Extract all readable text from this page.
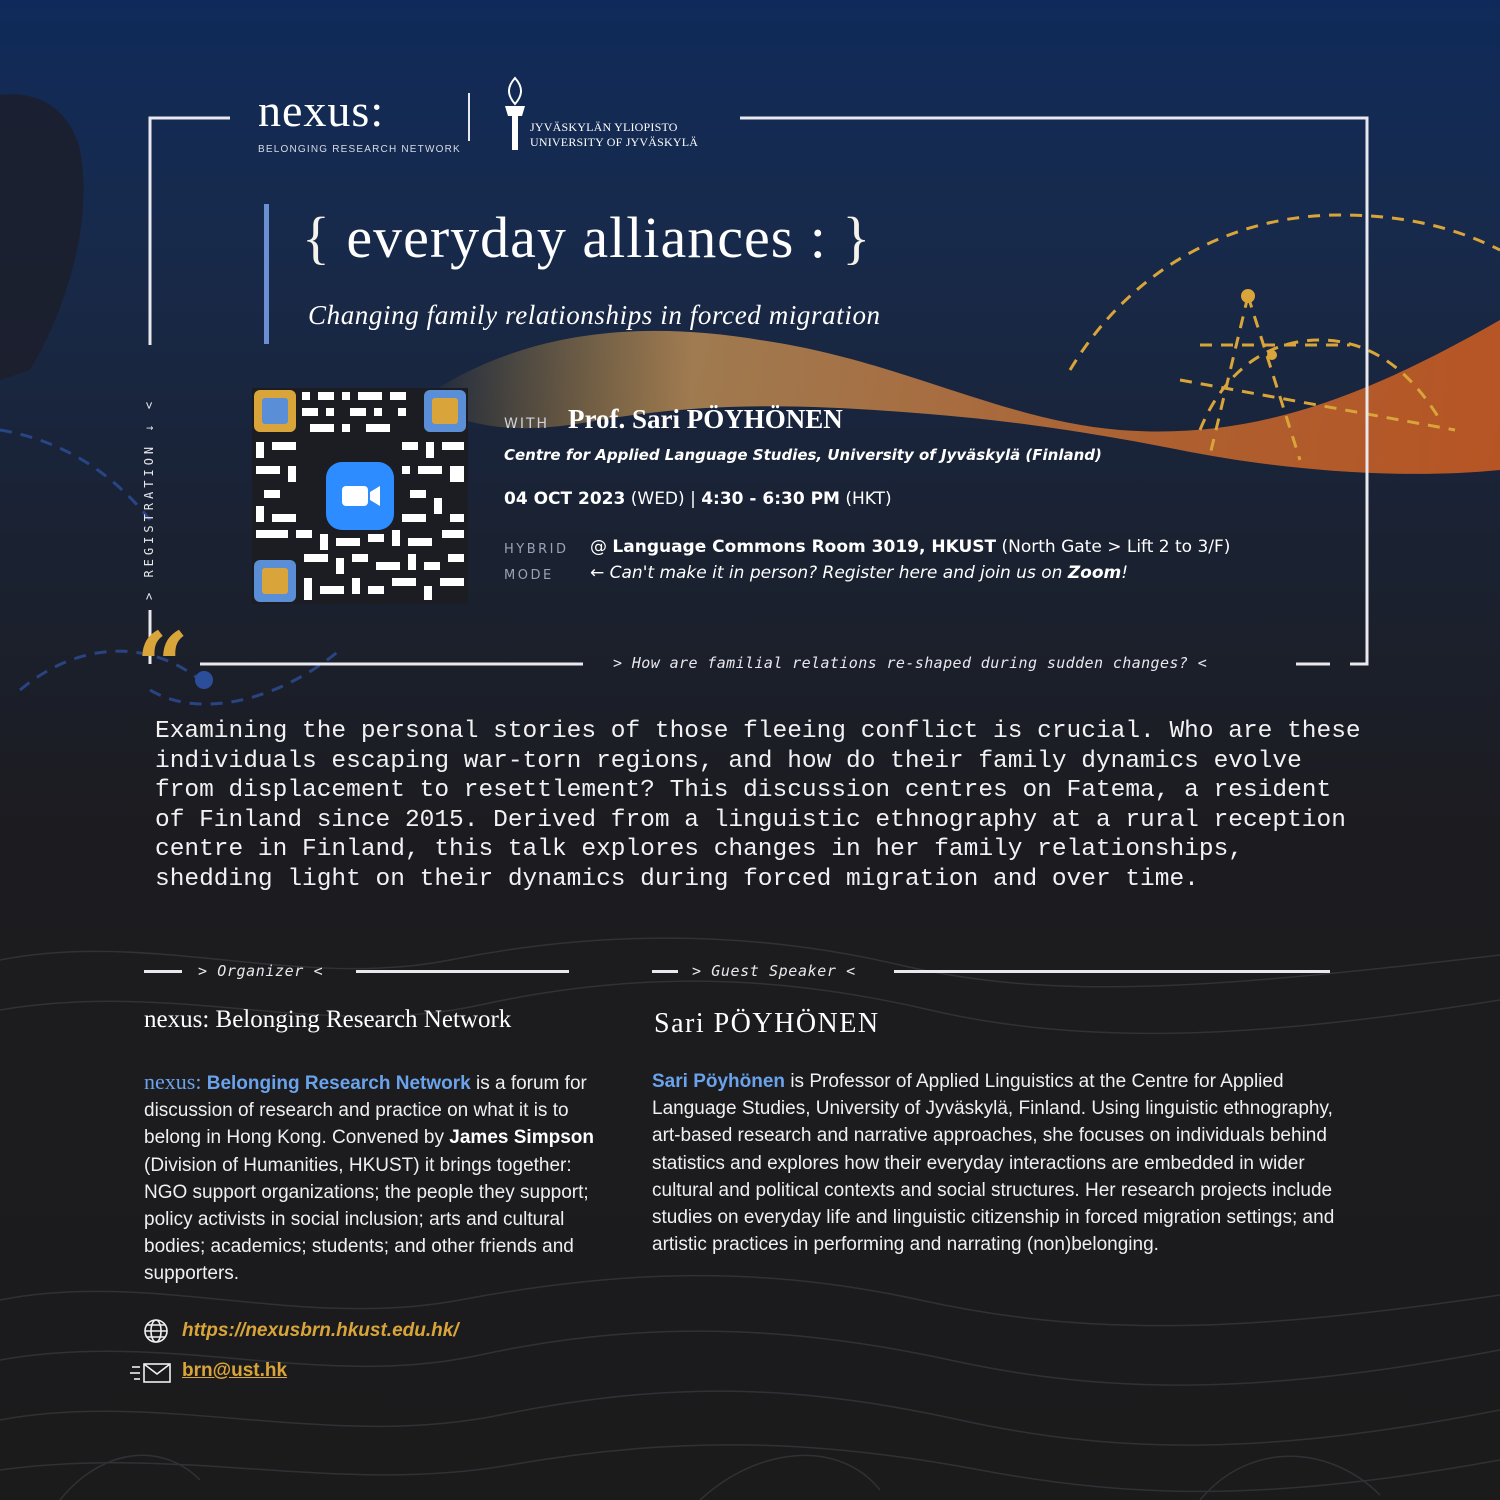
nexus:
BELONGING RESEARCH NETWORK
JYVÄSKYLÄN YLIOPISTO
UNIVERSITY OF JYVÄSKYLÄ
{ everyday alliances : }
Changing family relationships in forced migration
> REGISTRATION ↓ <	WITH Prof. Sari PÖYHÖNEN
Centre for Applied Language Studies, University of Jyväskylä (Finland)
04 OCT 2023 (WED) | 4:30 - 6:30 PM (HKT)
HYBRID
MODE
@ Language Commons Room 3019, HKUST (North Gate > Lift 2 to 3/F)
← Can't make it in person? Register here and join us on Zoom!
“	> How are familial relations re-shaped during sudden changes? <
Examining the personal stories of those fleeing conflict is crucial. Who are these individuals escaping war-torn regions, and how do their family dynamics evolve from displacement to resettlement? This discussion centres on Fatema, a resident of Finland since 2015. Derived from a linguistic ethnography at a rural reception centre in Finland, this talk explores changes in her family relationships, shedding light on their dynamics during forced migration and over time.
> Organizer <
nexus: Belonging Research Network
nexus: Belonging Research Network is a forum for discussion of research and practice on what it is to belong in Hong Kong. Convened by James Simpson (Division of Humanities, HKUST) it brings together: NGO support organizations; the people they support; policy activists in social inclusion; arts and cultural bodies; academics; students; and other friends and supporters.
> Guest Speaker <
Sari PÖYHÖNEN
Sari Pöyhönen is Professor of Applied Linguistics at the Centre for Applied Language Studies, University of Jyväskylä, Finland. Using linguistic ethnography, art-based research and narrative approaches, she focuses on individuals behind statistics and explores how their everyday interactions are embedded in wider cultural and political contexts and social structures. Her research projects include studies on everyday life and linguistic citizenship in forced migration settings; and artistic practices in performing and narrating (non)belonging.
https://nexusbrn.hkust.edu.hk/
brn@ust.hk
